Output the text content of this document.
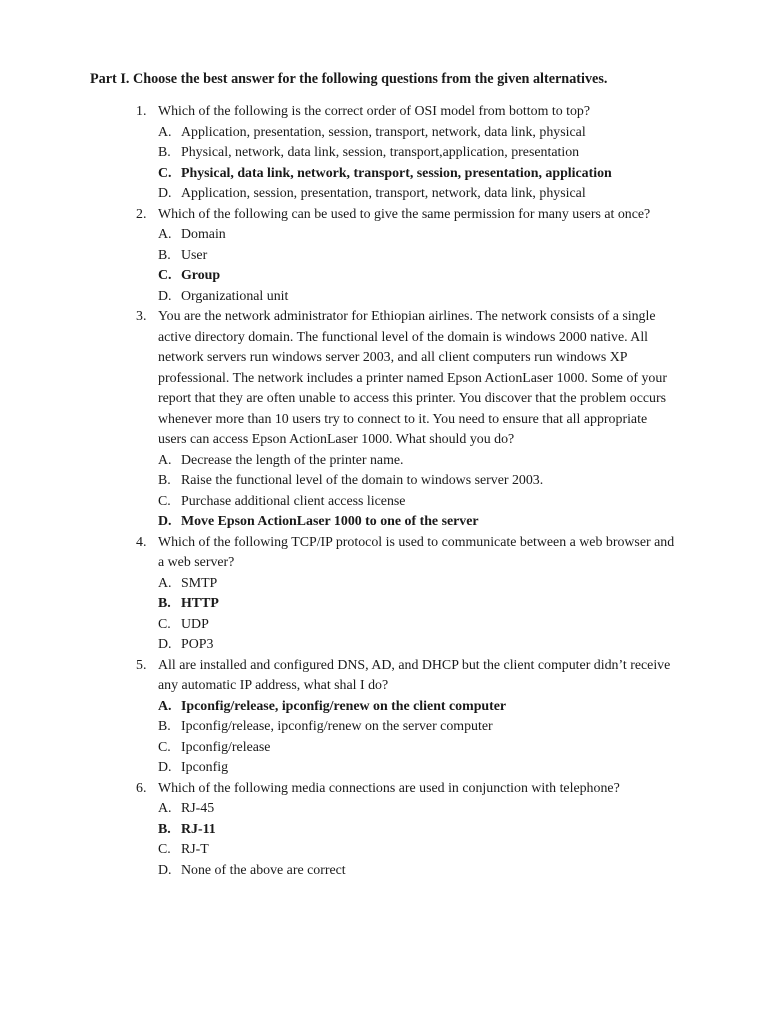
Part I. Choose the best answer for the following questions from the given alternatives.
1. Which of the following is the correct order of OSI model from bottom to top?
A. Application, presentation, session, transport, network, data link, physical
B. Physical, network, data link, session, transport,application, presentation
C. Physical, data link, network, transport, session, presentation, application
D. Application, session, presentation, transport, network, data link, physical
2. Which of the following can be used to give the same permission for many users at once?
A. Domain
B. User
C. Group
D. Organizational unit
3. You are the network administrator for Ethiopian airlines. The network consists of a single active directory domain. The functional level of the domain is windows 2000 native. All network servers run windows server 2003, and all client computers run windows XP professional. The network includes a printer named Epson ActionLaser 1000. Some of your report that they are often unable to access this printer. You discover that the problem occurs whenever more than 10 users try to connect to it. You need to ensure that all appropriate users can access Epson ActionLaser 1000. What should you do?
A. Decrease the length of the printer name.
B. Raise the functional level of the domain to windows server 2003.
C. Purchase additional client access license
D. Move Epson ActionLaser 1000 to one of the server
4. Which of the following TCP/IP protocol is used to communicate between a web browser and a web server?
A. SMTP
B. HTTP
C. UDP
D. POP3
5. All are installed and configured DNS, AD, and DHCP but the client computer didn’t receive any automatic IP address, what shal I do?
A. Ipconfig/release, ipconfig/renew on the client computer
B. Ipconfig/release, ipconfig/renew on the server computer
C. Ipconfig/release
D. Ipconfig
6. Which of the following media connections are used in conjunction with telephone?
A. RJ-45
B. RJ-11
C. RJ-T
D. None of the above are correct
